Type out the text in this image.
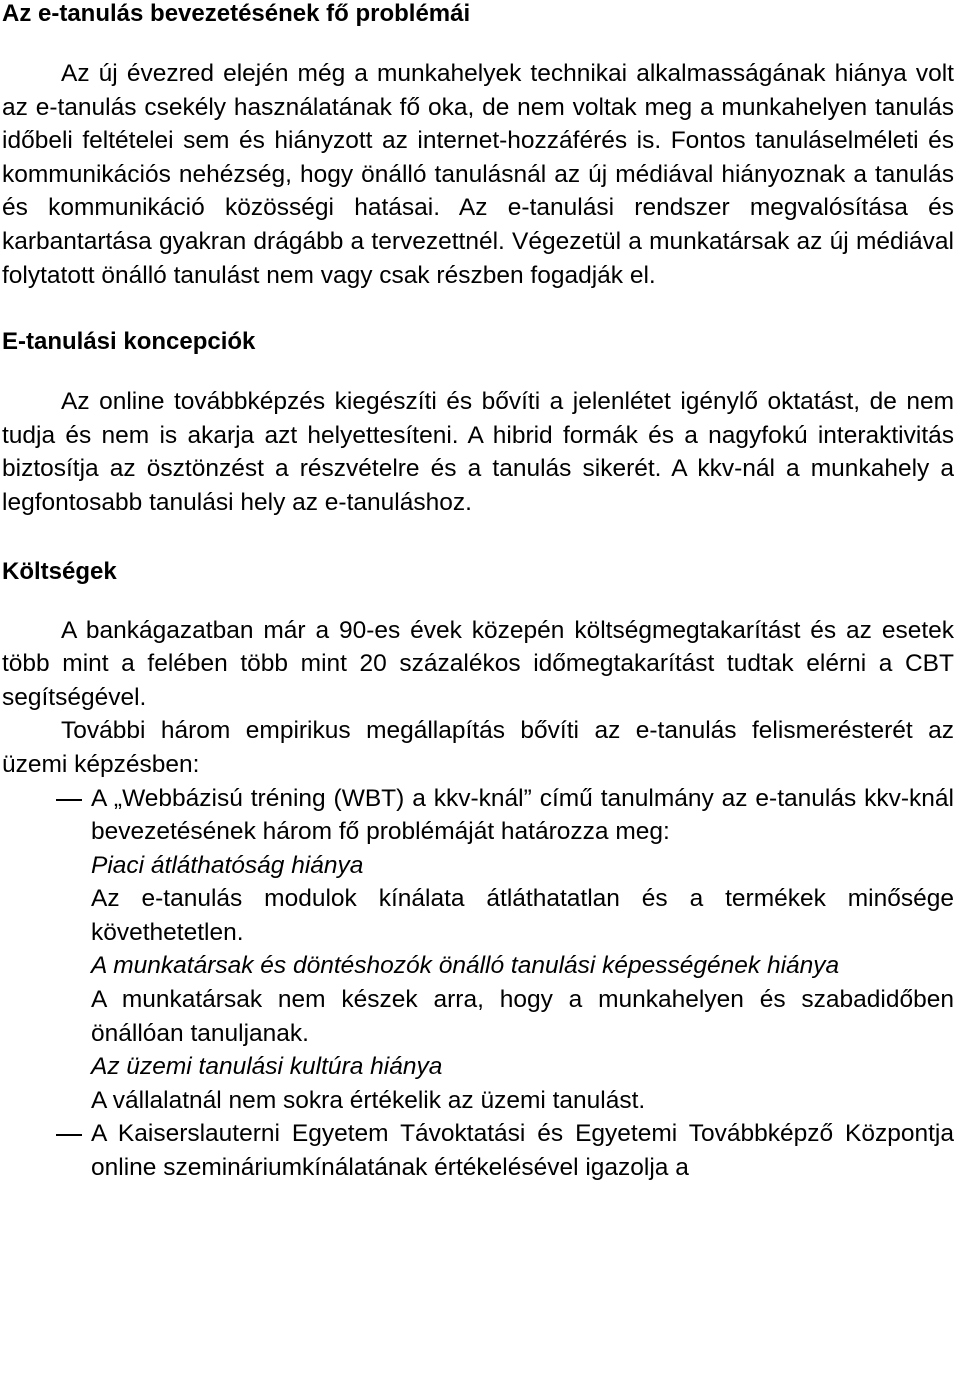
Az e-tanulás bevezetésének fő problémái

Az új évezred elején még a munkahelyek technikai alkalmasságának hiánya volt az e-tanulás csekély használatának fő oka, de nem voltak meg a munkahelyen tanulás időbeli feltételei sem és hiányzott az internet-hozzáférés is. Fontos tanuláselméleti és kommunikációs nehézség, hogy önálló tanulásnál az új médiával hiányoznak a tanulás és kommunikáció közösségi hatásai. Az e-tanulási rendszer megvalósítása és karbantartása gyakran drágább a tervezettnél. Végezetül a munkatársak az új médiával folytatott önálló tanulást nem vagy csak részben fogadják el.

E-tanulási koncepciók

Az online továbbképzés kiegészíti és bővíti a jelenlétet igénylő oktatást, de nem tudja és nem is akarja azt helyettesíteni. A hibrid formák és a nagyfokú interaktivitás biztosítja az ösztönzést a részvételre és a tanulás sikerét. A kkv-nál a munkahely a legfontosabb tanulási hely az e-tanuláshoz.

Költségek

A bankágazatban már a 90-es évek közepén költségmegtakarítást és az esetek több mint a felében több mint 20 százalékos időmegtakarítást tudtak elérni a CBT segítségével.

További három empirikus megállapítás bővíti az e-tanulás felismerésterét az üzemi képzésben:

A „Webbázisú tréning (WBT) a kkv-knál” című tanulmány az e-tanulás kkv-knál bevezetésének három fő problémáját határozza meg:
Piaci átláthatóság hiánya
Az e-tanulás modulok kínálata átláthatatlan és a termékek minősége követhetetlen.
A munkatársak és döntéshozók önálló tanulási képességének hiánya
A munkatársak nem készek arra, hogy a munkahelyen és szabadidőben önállóan tanuljanak.
Az üzemi tanulási kultúra hiánya
A vállalatnál nem sokra értékelik az üzemi tanulást.
A Kaiserslauterni Egyetem Távoktatási és Egyetemi Továbbképző Központja online szemináriumkínálatának értékelésével igazolja a
